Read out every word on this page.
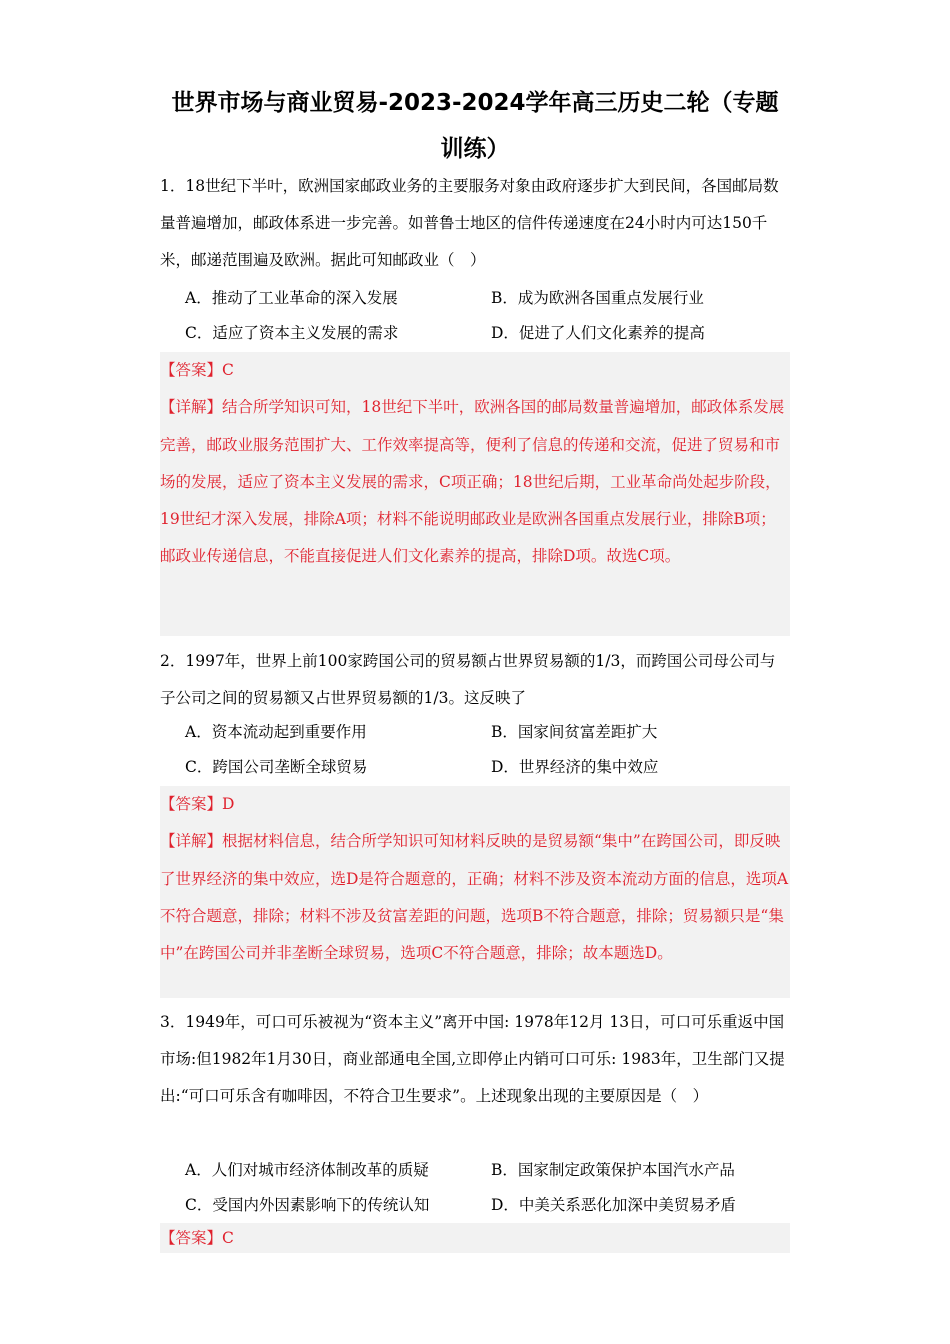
世界市场与商业贸易-2023-2024学年高三历史二轮（专题训练）

1．18世纪下半叶，欧洲国家邮政业务的主要服务对象由政府逐步扩大到民间，各国邮局数量普遍增加，邮政体系进一步完善。如普鲁士地区的信件传递速度在24小时内可达150千米，邮递范围遍及欧洲。据此可知邮政业（　）

A．推动了工业革命的深入发展	B．成为欧洲各国重点发展行业
C．适应了资本主义发展的需求	D．促进了人们文化素养的提高

【答案】C

【详解】结合所学知识可知，18世纪下半叶，欧洲各国的邮局数量普遍增加，邮政体系发展完善，邮政业服务范围扩大、工作效率提高等，便利了信息的传递和交流，促进了贸易和市场的发展，适应了资本主义发展的需求，C项正确；18世纪后期，工业革命尚处起步阶段，19世纪才深入发展，排除A项；材料不能说明邮政业是欧洲各国重点发展行业，排除B项；邮政业传递信息，不能直接促进人们文化素养的提高，排除D项。故选C项。

2．1997年，世界上前100家跨国公司的贸易额占世界贸易额的1/3，而跨国公司母公司与子公司之间的贸易额又占世界贸易额的1/3。这反映了

A．资本流动起到重要作用	B．国家间贫富差距扩大
C．跨国公司垄断全球贸易	D．世界经济的集中效应

【答案】D

【详解】根据材料信息，结合所学知识可知材料反映的是贸易额“集中”在跨国公司，即反映了世界经济的集中效应，选D是符合题意的，正确；材料不涉及资本流动方面的信息，选项A不符合题意，排除；材料不涉及贫富差距的问题，选项B不符合题意，排除；贸易额只是“集中”在跨国公司并非垄断全球贸易，选项C不符合题意，排除；故本题选D。

3．1949年，可口可乐被视为“资本主义”离开中国: 1978年12月 13日，可口可乐重返中国市场:但1982年1月30日，商业部通电全国,立即停止内销可口可乐: 1983年，卫生部门又提出:“可口可乐含有咖啡因，不符合卫生要求”。上述现象出现的主要原因是（　）

A．人们对城市经济体制改革的质疑	B．国家制定政策保护本国汽水产品
C．受国内外因素影响下的传统认知	D．中美关系恶化加深中美贸易矛盾

【答案】C
